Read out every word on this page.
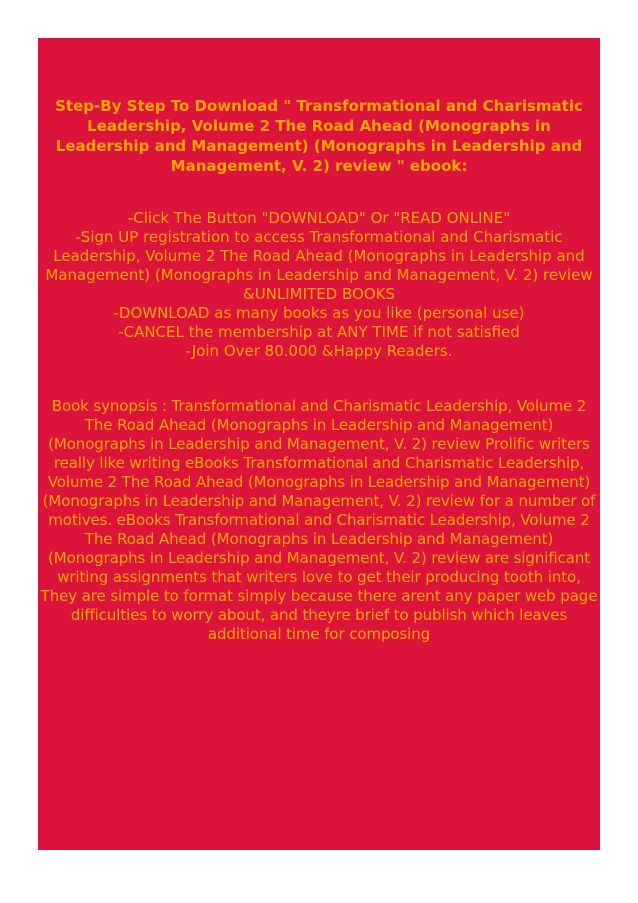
Step-By Step To Download " Transformational and Charismatic Leadership, Volume 2 The Road Ahead (Monographs in Leadership and Management) (Monographs in Leadership and Management, V. 2) review " ebook:
-Click The Button "DOWNLOAD" Or "READ ONLINE"
-Sign UP registration to access Transformational and Charismatic Leadership, Volume 2 The Road Ahead (Monographs in Leadership and Management) (Monographs in Leadership and Management, V. 2) review &UNLIMITED BOOKS
-DOWNLOAD as many books as you like (personal use)
-CANCEL the membership at ANY TIME if not satisfied
-Join Over 80.000 &Happy Readers.
Book synopsis : Transformational and Charismatic Leadership, Volume 2 The Road Ahead (Monographs in Leadership and Management) (Monographs in Leadership and Management, V. 2) review Prolific writers really like writing eBooks Transformational and Charismatic Leadership, Volume 2 The Road Ahead (Monographs in Leadership and Management) (Monographs in Leadership and Management, V. 2) review for a number of motives. eBooks Transformational and Charismatic Leadership, Volume 2 The Road Ahead (Monographs in Leadership and Management) (Monographs in Leadership and Management, V. 2) review are significant writing assignments that writers love to get their producing tooth into, They are simple to format simply because there arent any paper web page difficulties to worry about, and theyre brief to publish which leaves additional time for composing
